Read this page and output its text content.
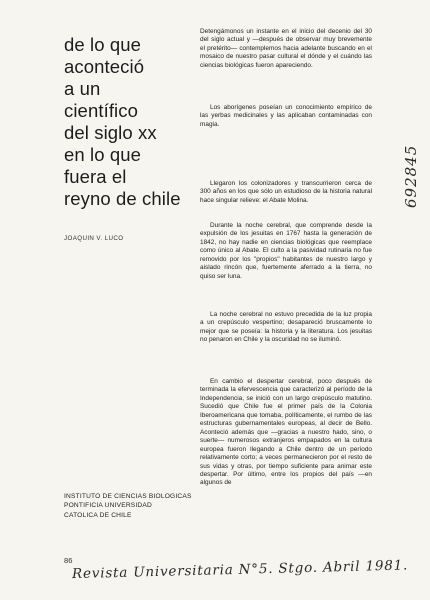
de lo que
aconteció
a un
científico
del siglo xx
en lo que
fuera el
reyno de chile
JOAQUIN V. LUCO
Detengámonos un instante en el inicio del decenio del 30 del siglo actual y —después de observar muy brevemente el pretérito— contemplemos hacia adelante buscando en el mosaico de nuestro pasar cultural el dónde y el cuándo las ciencias biológicas fueron apareciendo.
Los aborígenes poseían un conocimiento empírico de las yerbas medicinales y las aplicaban contaminadas con magia.
Llegaron los colonizadores y transcurrieron cerca de 300 años en los que sólo un estudioso de la historia natural hace singular relieve: el Abate Molina.
Durante la noche cerebral, que comprende desde la expulsión de los jesuitas en 1767 hasta la generación de 1842, no hay nadie en ciencias biológicas que reemplace como único al Abate. El culto a la pasividad rutinaria no fue removido por los "propios" habitantes de nuestro largo y aislado rincón que, fuertemente aferrado a la tierra, no quiso ser luna.
La noche cerebral no estuvo precedida de la luz propia a un crepúsculo vespertino; desapareció bruscamente lo mejor que se poseía: la historia y la literatura. Los jesuitas no penaron en Chile y la oscuridad no se iluminó.
En cambio el despertar cerebral, poco después de terminada la efervescencia que caracterizó al período de la Independencia, se inició con un largo crepúsculo matutino. Sucedió que Chile fue el primer país de la Colonia Iberoamericana que tomaba, políticamente, el rumbo de las estructuras gubernamentales europeas, al decir de Bello. Aconteció además que —gracias a nuestro hado, sino, o suerte— numerosos extranjeros empapados en la cultura europea fueron llegando a Chile dentro de un período relativamente corto; a veces permanecieron por el resto de sus vidas y otras, por tiempo suficiente para animar este despertar. Por último, entre los propios del país —en algunos de
INSTITUTO DE CIENCIAS BIOLOGICAS
PONTIFICIA UNIVERSIDAD
CATOLICA DE CHILE
86
692845
Revista Universitaria N°5. Stgo. Abril 1981.
